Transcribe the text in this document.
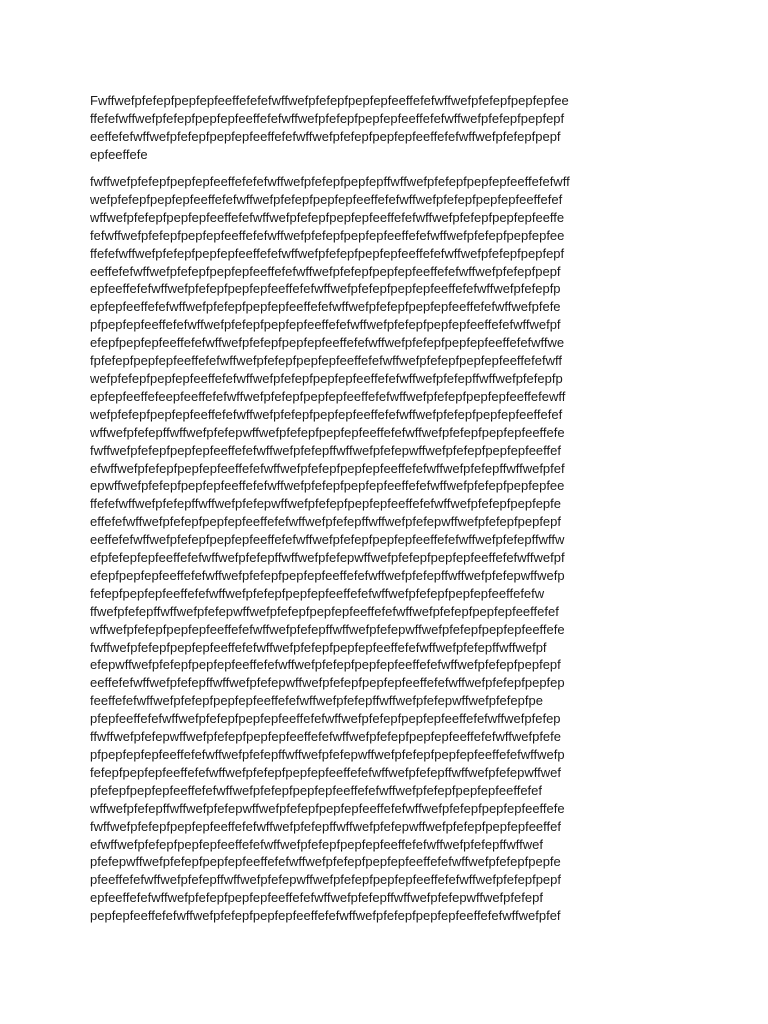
Fwffwefpfefepfpepfepfeeffefefefwffwefpfefepfpepfepfeeffefefwffwefpfefepfpepfepfee
ffefefwffwefpfefepfpepfepfeeffefefwffwefpfefepfpepfepfeeffefefwffwefpfefepfpepfepf
eeffefefwffwefpfefepfpepfepfeeffefefwffwefpfefepfpepfepfeeffefefwffwefpfefepfpepf
epfeeffefe

fwffwefpfefepfpepfepfeeffefefefwffwefpfefepfpepfepffwffwefpfefepfpepfepfeeffefefwff
wefpfefepfpepfepfeeffefefwffwefpfefepfpepfepfeeffefefwffwefpfefepfpepfepfeeffefef
wffwefpfefepfpepfepfeeffefefwffwefpfefepfpepfepfeeffefefwffwefpfefepfpepfepfeeffe
fefwffwefpfefepfpepfepfeeffefefwffwefpfefepfpepfepfeeffefefwffwefpfefepfpepfepfee
ffefefwffwefpfefepfpepfepfeeffefefwffwefpfefepfpepfepfeeffefefwffwefpfefepfpepfepf
eeffefefwffwefpfefepfpepfepfeeffefefwffwefpfefepfpepfepfeeffefefwffwefpfefepfpepf
epfeeffefefwffwefpfefepfpepfepfeeffefefwffwefpfefepfpepfepfeeffefefwffwefpfefepfp
epfepfeeffefefwffwefpfefepfpepfepfeeffefefwffwefpfefepfpepfepfeeffefefwffwefpfefe
pfpepfepfeeffefefwffwefpfefepfpepfepfeeffefefwffwefpfefepfpepfepfeeffefefwffwefpf
efepfpepfepfeeffefefwffwefpfefepfpepfepfeeffefefwffwefpfefepfpepfepfeeffefefwffwe
fpfefepfpepfepfeeffefefwffwefpfefepfpepfepfeeffefefwffwefpfefepfpepfepfeeffefefwff
wefpfefepfpepfepfeeffefefwffwefpfefepfpepfepfeeffefefwffwefpfefepffwffwefpfefepfp
epfepfeeffefeepfeeffefefwffwefpfefepfpepfepfeeffefefwffwefpfefepfpepfepfeeffefewff
wefpfefepfpepfepfeeffefefwffwefpfefepfpepfepfeeffefefwffwefpfefepfpepfepfeeffefef
wffwefpfefepffwffwefpfefepwffwefpfefepfpepfepfeeffefefwffwefpfefepfpepfepfeeffefe
fwffwefpfefepfpepfepfeeffefefwffwefpfefepffwffwefpfefepwffwefpfefepfpepfepfeeffef
efwffwefpfefepfpepfepfeeffefefwffwefpfefepfpepfepfeeffefefwffwefpfefepffwffwefpfef
epwffwefpfefepfpepfepfeeffefefwffwefpfefepfpepfepfeeffefefwffwefpfefepfpepfepfee
ffefefwffwefpfefepffwffwefpfefepwffwefpfefepfpepfepfeeffefefwffwefpfefepfpepfepfe
effefefwffwefpfefepfpepfepfeeffefefwffwefpfefepffwffwefpfefepwffwefpfefepfpepfepf
eeffefefwffwefpfefepfpepfepfeeffefefwffwefpfefepfpepfepfeeffefefwffwefpfefepffwffw
efpfefepfepfeeffefefwffwefpfefepffwffwefpfefepwffwefpfefepfpepfepfeeffefefwffwefpf
efepfpepfepfeeffefefwffwefpfefepfpepfepfeeffefefwffwefpfefepffwffwefpfefepwffwefp
fefepfpepfepfeeffefefwffwefpfefepfpepfepfeeffefefwffwefpfefepfpepfepfeeffefefw
ffwefpfefepffwffwefpfefepwffwefpfefepfpepfepfeeffefefwffwefpfefepfpepfepfeeffefef
wffwefpfefepfpepfepfeeffefefwffwefpfefepffwffwefpfefepwffwefpfefepfpepfepfeeffefe
fwffwefpfefepfpepfepfeeffefefwffwefpfefepfpepfepfeeffefefwffwefpfefepffwffwefpf
efepwffwefpfefepfpepfepfeeffefefwffwefpfefepfpepfepfeeffefefwffwefpfefepfpepfepf
eeffefefwffwefpfefepffwffwefpfefepwffwefpfefepfpepfepfeeffefefwffwefpfefepfpepfep
feeffefefwffwefpfefepfpepfepfeeffefefwffwefpfefepffwffwefpfefepwffwefpfefepfpe
pfepfeeffefefwffwefpfefepfpepfepfeeffefefwffwefpfefepfpepfepfeeffefefwffwefpfefep
ffwffwefpfefepwffwefpfefepfpepfepfeeffefefwffwefpfefepfpepfepfeeffefefwffwefpfefe
pfpepfepfepfeeffefefwffwefpfefepffwffwefpfefepwffwefpfefepfpepfepfeeffefefwffwefp
fefepfpepfepfeeffefefwffwefpfefepfpepfepfeeffefefwffwefpfefepffwffwefpfefepwffwef
pfefepfpepfepfeeffefefwffwefpfefepfpepfepfeeffefefwffwefpfefepfpepfepfeeffefef
wffwefpfefepffwffwefpfefepwffwefpfefepfpepfepfeeffefefwffwefpfefepfpepfepfeeffefe
fwffwefpfefepfpepfepfeeffefefwffwefpfefepffwffwefpfefepwffwefpfefepfpepfepfeeffef
efwffwefpfefepfpepfepfeeffefefwffwefpfefepfpepfepfeeffefefwffwefpfefepffwffwef
pfefepwffwefpfefepfpepfepfeeffefefwffwefpfefepfpepfepfeeffefefwffwefpfefepfpepfe
pfeeffefefwffwefpfefepffwffwefpfefepwffwefpfefepfpepfepfeeffefefwffwefpfefepfpepf
epfeeffefefwffwefpfefepfpepfepfeeffefefwffwefpfefepffwffwefpfefepwffwefpfefepf
pepfepfeeffefefwffwefpfefepfpepfepfeeffefefwffwefpfefepfpepfepfeeffefefwffwefpfef
